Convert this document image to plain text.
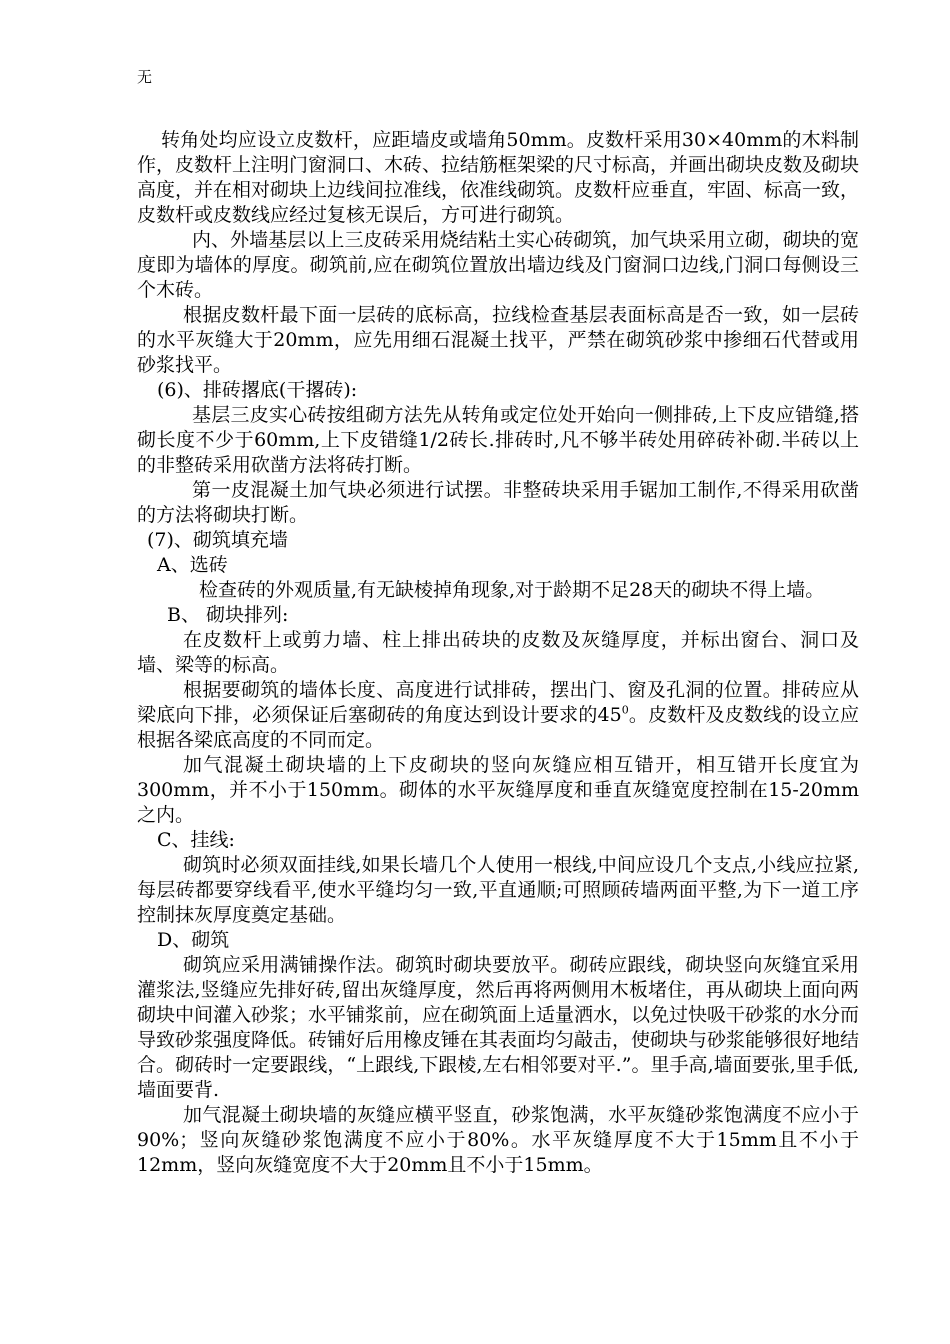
无

转角处均应设立皮数杆，应距墙皮或墙角50mm。皮数杆采用30×40mm的木料制作，皮数杆上注明门窗洞口、木砖、拉结筋框架梁的尺寸标高，并画出砌块皮数及砌块高度，并在相对砌块上边线间拉准线，依准线砌筑。皮数杆应垂直，牢固、标高一致，皮数杆或皮数线应经过复核无误后，方可进行砌筑。

内、外墙基层以上三皮砖采用烧结粘土实心砖砌筑，加气块采用立砌，砌块的宽度即为墙体的厚度。砌筑前,应在砌筑位置放出墙边线及门窗洞口边线,门洞口每侧设三个木砖。

根据皮数杆最下面一层砖的底标高，拉线检查基层表面标高是否一致，如一层砖的水平灰缝大于20mm，应先用细石混凝土找平，严禁在砌筑砂浆中掺细石代替或用砂浆找平。

(6)、排砖撂底(干撂砖):

基层三皮实心砖按组砌方法先从转角或定位处开始向一侧排砖,上下皮应错缝,搭砌长度不少于60mm,上下皮错缝1/2砖长.排砖时,凡不够半砖处用碎砖补砌.半砖以上的非整砖采用砍凿方法将砖打断。

第一皮混凝土加气块必须进行试摆。非整砖块采用手锯加工制作,不得采用砍凿的方法将砌块打断。

(7)、砌筑填充墙

A、选砖

检查砖的外观质量,有无缺棱掉角现象,对于龄期不足28天的砌块不得上墙。

B、 砌块排列:

在皮数杆上或剪力墙、柱上排出砖块的皮数及灰缝厚度，并标出窗台、洞口及墙、梁等的标高。

根据要砌筑的墙体长度、高度进行试排砖，摆出门、窗及孔洞的位置。排砖应从梁底向下排，必须保证后塞砌砖的角度达到设计要求的$45^0$。皮数杆及皮数线的设立应根据各梁底高度的不同而定。

加气混凝土砌块墙的上下皮砌块的竖向灰缝应相互错开，相互错开长度宜为300mm，并不小于150mm。砌体的水平灰缝厚度和垂直灰缝宽度控制在15-20mm之内。

C、挂线:

砌筑时必须双面挂线,如果长墙几个人使用一根线,中间应设几个支点,小线应拉紧,每层砖都要穿线看平,使水平缝均匀一致,平直通顺;可照顾砖墙两面平整,为下一道工序控制抹灰厚度奠定基础。

D、砌筑

砌筑应采用满铺操作法。砌筑时砌块要放平。砌砖应跟线，砌块竖向灰缝宜采用灌浆法,竖缝应先排好砖,留出灰缝厚度，然后再将两侧用木板堵住，再从砌块上面向两砌块中间灌入砂浆；水平铺浆前，应在砌筑面上适量洒水，以免过快吸干砂浆的水分而导致砂浆强度降低。砖铺好后用橡皮锤在其表面均匀敲击，使砌块与砂浆能够很好地结合。砌砖时一定要跟线，“上跟线,下跟棱,左右相邻要对平.”。里手高,墙面要张,里手低,墙面要背.

加气混凝土砌块墙的灰缝应横平竖直，砂浆饱满，水平灰缝砂浆饱满度不应小于90%；竖向灰缝砂浆饱满度不应小于80%。水平灰缝厚度不大于15mm且不小于12mm，竖向灰缝宽度不大于20mm且不小于15mm。
